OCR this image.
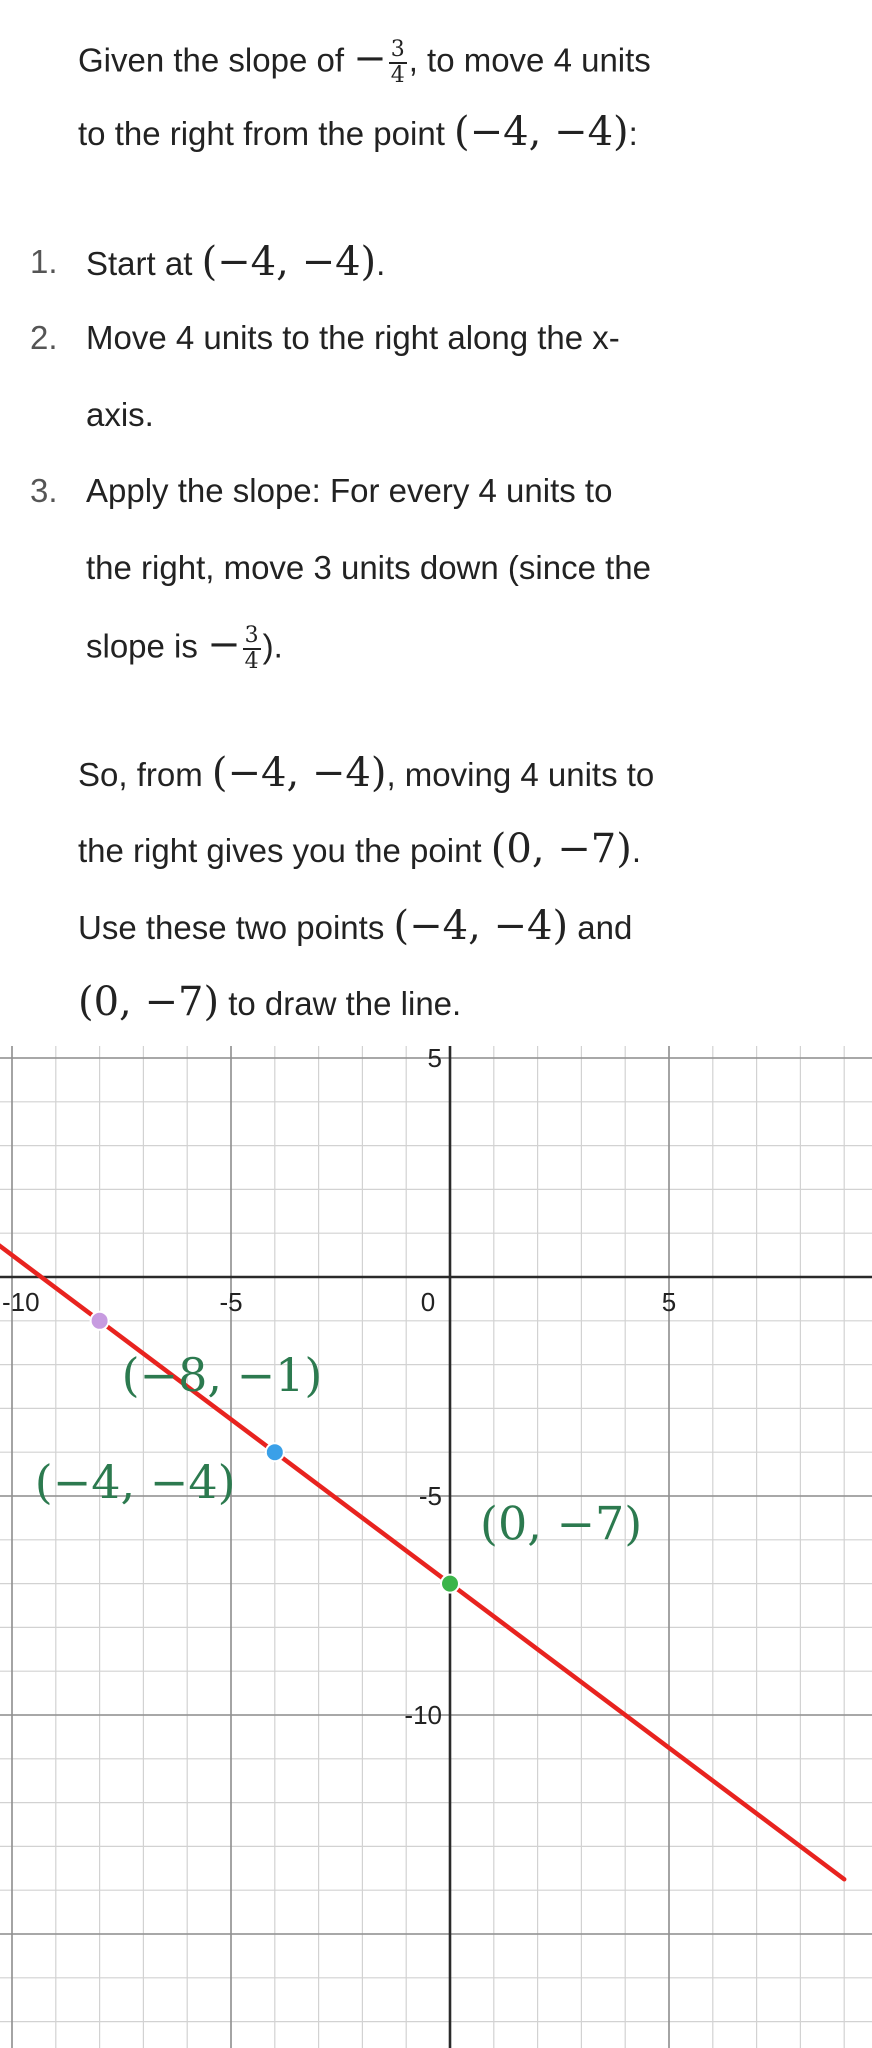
Given the slope of − $\frac{3}{4}$ , to move 4 units
to the right from the point (−4, −4):
1. Start at (−4, −4).
2. Move 4 units to the right along the x-
axis.
3. Apply the slope: For every 4 units to
the right, move 3 units down (since the
slope is − $\frac{3}{4}$ ).
So, from (−4, −4), moving 4 units to
the right gives you the point (0, −7).
Use these two points (−4, −4) and
(0, −7) to draw the line.
-10	-5	0	5
5
-5
-10
(−8, −1)
(−4, −4)
(0, −7)
